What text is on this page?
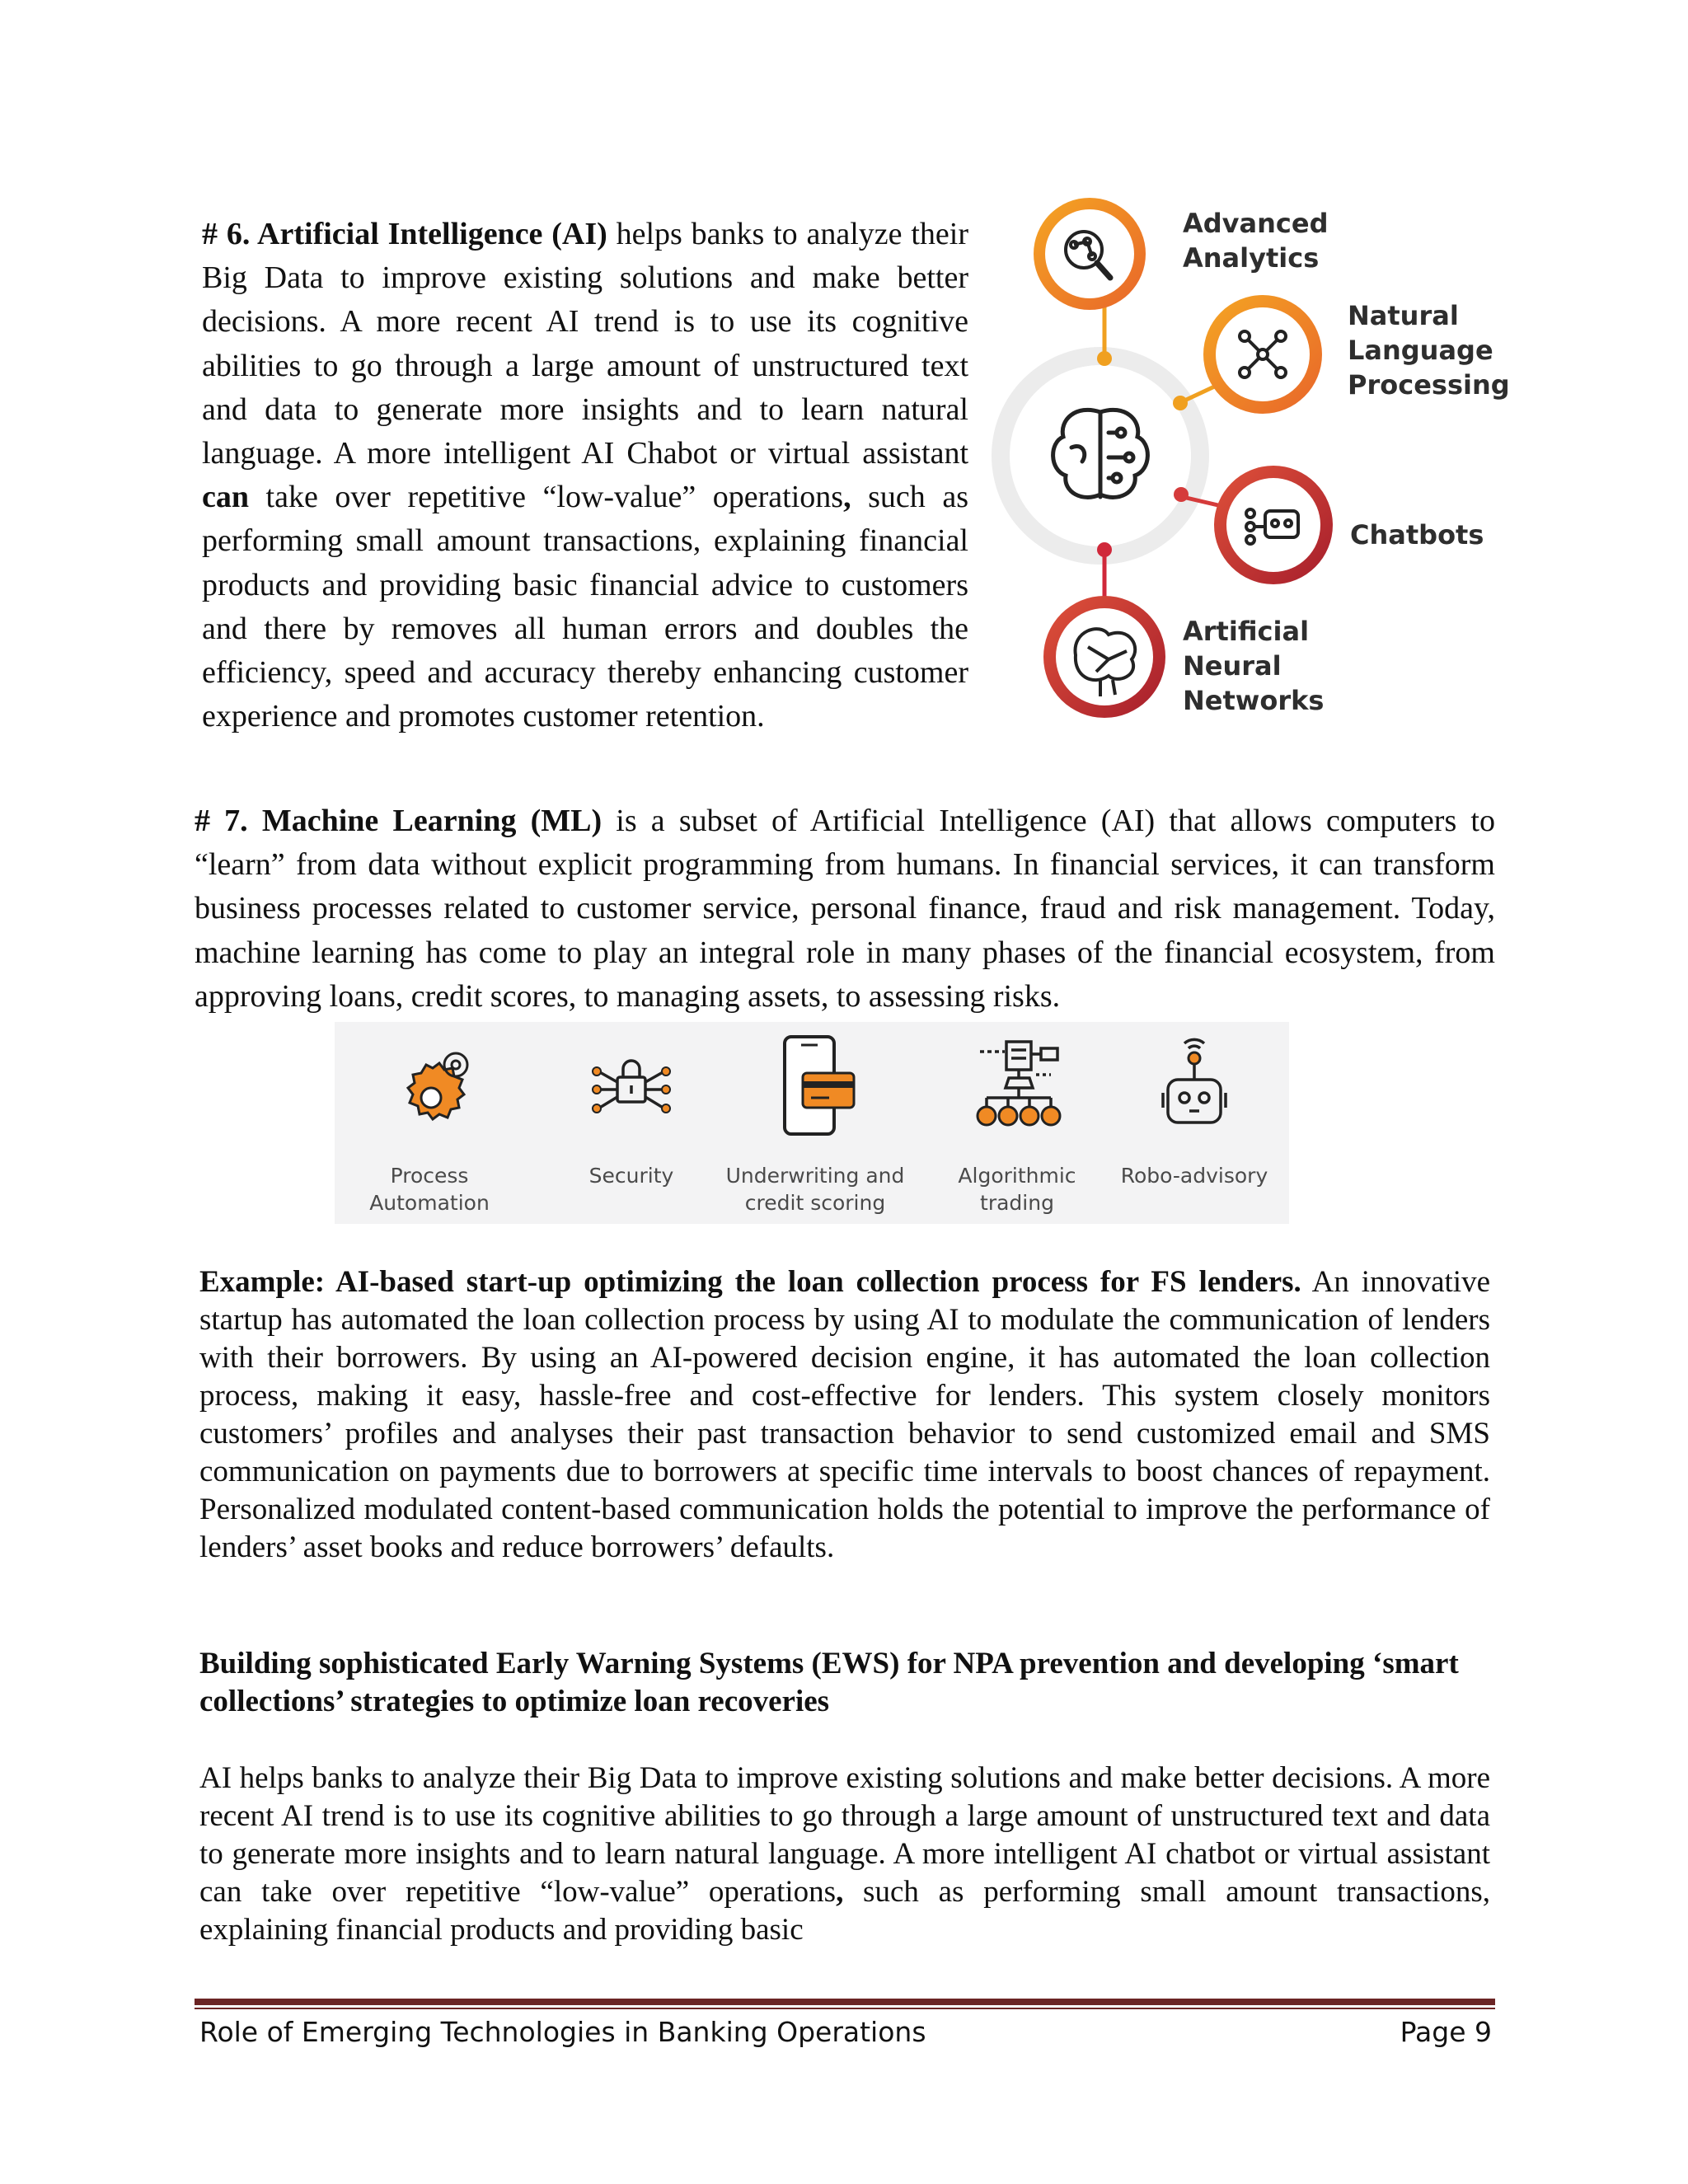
# 6. Artificial Intelligence (AI) helps banks to analyze their Big Data to improve existing solutions and make better decisions. A more recent AI trend is to use its cognitive abilities to go through a large amount of unstructured text and data to generate more insights and to learn natural language. A more intelligent AI Chabot or virtual assistant can take over repetitive “low-value” operations, such as performing small amount transactions, explaining financial products and providing basic financial advice to customers and there by removes all human errors and doubles the efficiency, speed and accuracy thereby enhancing customer experience and promotes customer retention.
Advanced
Analytics
Natural
Language
Processing
Chatbots
Artificial
Neural
Networks
# 7. Machine Learning (ML) is a subset of Artificial Intelligence (AI) that allows computers to “learn” from data without explicit programming from humans. In financial services, it can transform business processes related to customer service, personal finance, fraud and risk management. Today, machine learning has come to play an integral role in many phases of the financial ecosystem, from approving loans, credit scores, to managing assets, to assessing risks.
Process
Automation
Security	Underwriting and
credit scoring
Algorithmic
trading
Robo-advisory
Example: AI-based start-up optimizing the loan collection process for FS lenders. An innovative startup has automated the loan collection process by using AI to modulate the communication of lenders with their borrowers. By using an AI-powered decision engine, it has automated the loan collection process, making it easy, hassle-free and cost-effective for lenders. This system closely monitors customers’ profiles and analyses their past transaction behavior to send customized email and SMS communication on payments due to borrowers at specific time intervals to boost chances of repayment. Personalized modulated content-based communication holds the potential to improve the performance of lenders’ asset books and reduce borrowers’ defaults.
Building sophisticated Early Warning Systems (EWS) for NPA prevention and developing ‘smart collections’ strategies to optimize loan recoveries
AI helps banks to analyze their Big Data to improve existing solutions and make better decisions. A more recent AI trend is to use its cognitive abilities to go through a large amount of unstructured text and data to generate more insights and to learn natural language. A more intelligent AI chatbot or virtual assistant can take over repetitive “low-value” operations, such as performing small amount transactions, explaining financial products and providing basic
Role of Emerging Technologies in Banking Operations	Page 9
